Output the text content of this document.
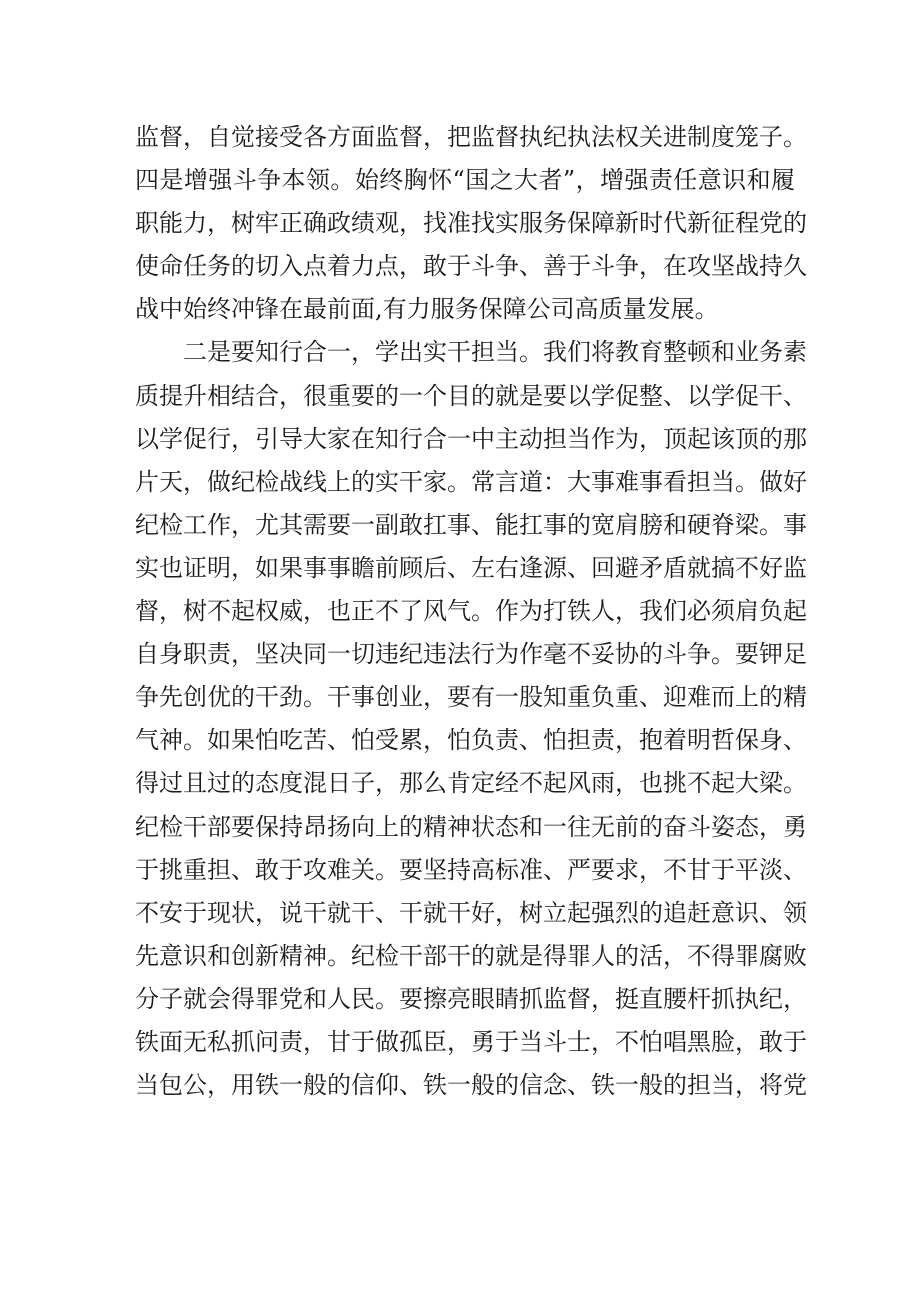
监督，自觉接受各方面监督，把监督执纪执法权关进制度笼子。
四是增强斗争本领。始终胸怀“国之大者”，增强责任意识和履
职能力，树牢正确政绩观，找准找实服务保障新时代新征程党的
使命任务的切入点着力点，敢于斗争、善于斗争，在攻坚战持久
战中始终冲锋在最前面,有力服务保障公司高质量发展。
　　二是要知行合一，学出实干担当。我们将教育整顿和业务素
质提升相结合，很重要的一个目的就是要以学促整、以学促干、
以学促行，引导大家在知行合一中主动担当作为，顶起该顶的那
片天，做纪检战线上的实干家。常言道：大事难事看担当。做好
纪检工作，尤其需要一副敢扛事、能扛事的宽肩膀和硬脊梁。事
实也证明，如果事事瞻前顾后、左右逢源、回避矛盾就搞不好监
督，树不起权威，也正不了风气。作为打铁人，我们必须肩负起
自身职责，坚决同一切违纪违法行为作毫不妥协的斗争。要钾足
争先创优的干劲。干事创业，要有一股知重负重、迎难而上的精
气神。如果怕吃苦、怕受累，怕负责、怕担责，抱着明哲保身、
得过且过的态度混日子，那么肯定经不起风雨，也挑不起大梁。
纪检干部要保持昂扬向上的精神状态和一往无前的奋斗姿态，勇
于挑重担、敢于攻难关。要坚持高标准、严要求，不甘于平淡、
不安于现状，说干就干、干就干好，树立起强烈的追赶意识、领
先意识和创新精神。纪检干部干的就是得罪人的活，不得罪腐败
分子就会得罪党和人民。要擦亮眼睛抓监督，挺直腰杆抓执纪，
铁面无私抓问责，甘于做孤臣，勇于当斗士，不怕唱黑脸，敢于
当包公，用铁一般的信仰、铁一般的信念、铁一般的担当，将党
